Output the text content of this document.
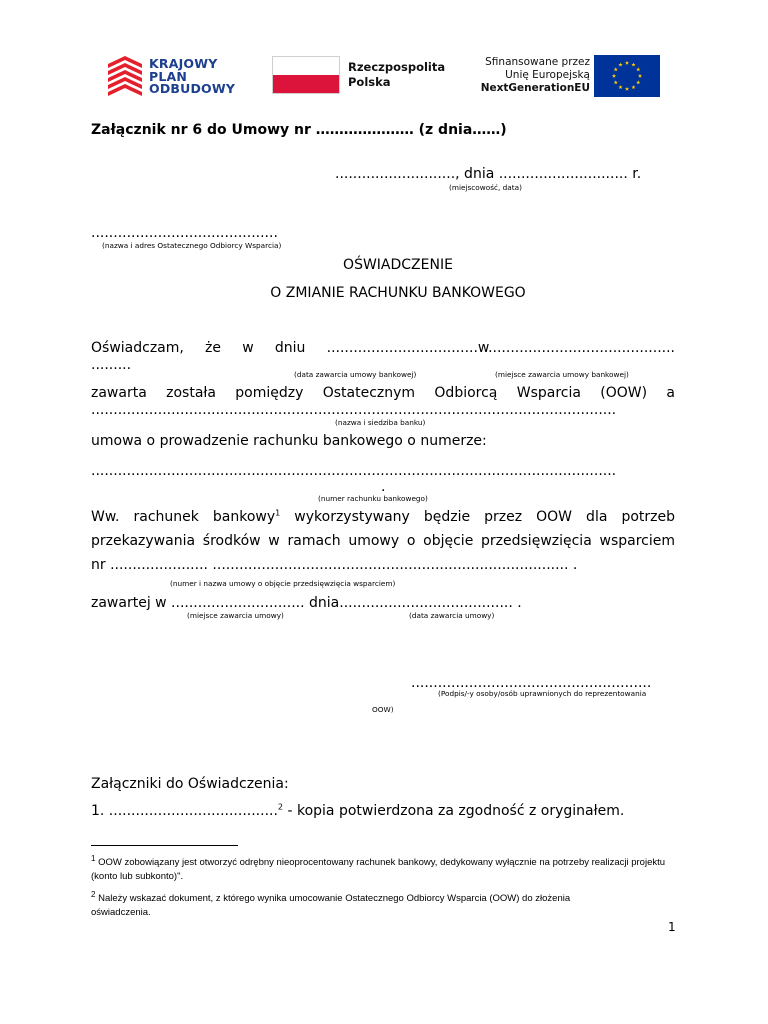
KRAJOWY
PLAN
ODBUDOWY
Rzeczpospolita
Polska
Sfinansowane przez
Unię Europejską
NextGenerationEU
Załącznik nr 6 do Umowy nr ………………… (z dnia……)
..........................., dnia ............................. r.
(miejscowość, data)
..........................................
(nazwa i adres Ostatecznego Odbiorcy Wsparcia)
OŚWIADCZENIE
O ZMIANIE RACHUNKU BANKOWEGO
Oświadczam, że w dniu ..................................w..........................................
.........
(data zawarcia umowy bankowej)	(miejsce zawarcia umowy bankowej)
zawarta została pomiędzy Ostatecznym Odbiorcą Wsparcia (OOW) a
......................................................................................................................
(nazwa i siedziba banku)
umowa o prowadzenie rachunku bankowego o numerze:
......................................................................................................................
.
(numer rachunku bankowego)
Ww. rachunek bankowy$^1$ wykorzystywany będzie przez OOW dla potrzeb
przekazywania środków w ramach umowy o objęcie przedsięwzięcia wsparciem
nr ...................... ................................................................................ .
(numer i nazwa umowy o objęcie przedsięwzięcia wsparciem)
zawartej w .............................. dnia....................................... .
(miejsce zawarcia umowy)	(data zawarcia umowy)
......................................................
(Podpis/-y osoby/osób uprawnionych do reprezentowania
OOW)
Załączniki do Oświadczenia:
1. ......................................$^2$ - kopia potwierdzona za zgodność z oryginałem.
$^1$ OOW zobowiązany jest otworzyć odrębny nieoprocentowany rachunek bankowy, dedykowany wyłącznie na potrzeby realizacji projektu (konto lub subkonto)".
$^2$ Należy wskazać dokument, z którego wynika umocowanie Ostatecznego Odbiorcy Wsparcia (OOW) do złożenia oświadczenia.
1
